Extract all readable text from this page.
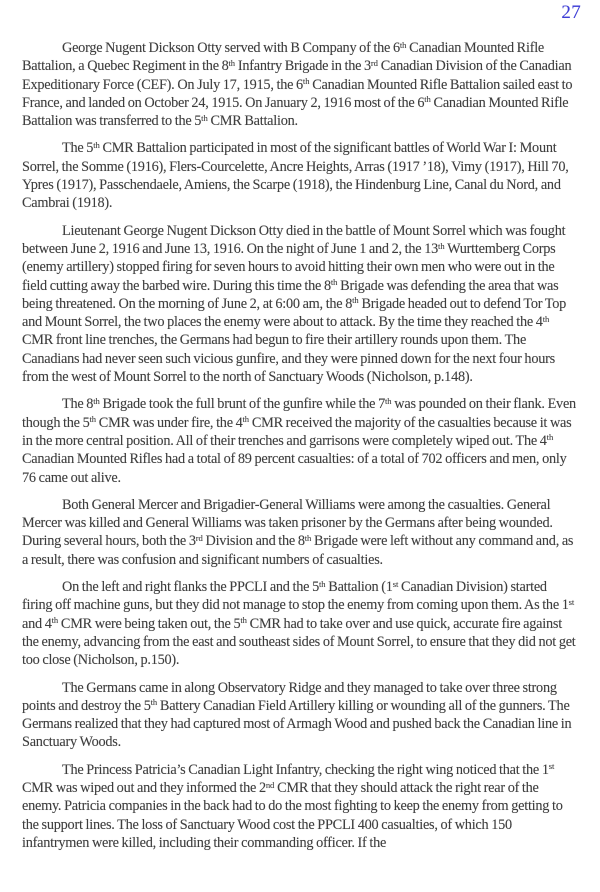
27

George Nugent Dickson Otty served with B Company of the 6th Canadian Mounted Rifle Battalion, a Quebec Regiment in the 8th Infantry Brigade in the 3rd Canadian Division of the Canadian Expeditionary Force (CEF). On July 17, 1915, the 6th Canadian Mounted Rifle Battalion sailed east to France, and landed on October 24, 1915. On January 2, 1916 most of the 6th Canadian Mounted Rifle Battalion was transferred to the 5th CMR Battalion.

The 5th CMR Battalion participated in most of the significant battles of World War I: Mount Sorrel, the Somme (1916), Flers-Courcelette, Ancre Heights, Arras (1917 ’18), Vimy (1917), Hill 70, Ypres (1917), Passchendaele, Amiens, the Scarpe (1918), the Hindenburg Line, Canal du Nord, and Cambrai (1918).

Lieutenant George Nugent Dickson Otty died in the battle of Mount Sorrel which was fought between June 2, 1916 and June 13, 1916. On the night of June 1 and 2, the 13th Wurttemberg Corps (enemy artillery) stopped firing for seven hours to avoid hitting their own men who were out in the field cutting away the barbed wire. During this time the 8th Brigade was defending the area that was being threatened. On the morning of June 2, at 6:00 am, the 8th Brigade headed out to defend Tor Top and Mount Sorrel, the two places the enemy were about to attack. By the time they reached the 4th CMR front line trenches, the Germans had begun to fire their artillery rounds upon them. The Canadians had never seen such vicious gunfire, and they were pinned down for the next four hours from the west of Mount Sorrel to the north of Sanctuary Woods (Nicholson, p.148).

The 8th Brigade took the full brunt of the gunfire while the 7th was pounded on their flank. Even though the 5th CMR was under fire, the 4th CMR received the majority of the casualties because it was in the more central position. All of their trenches and garrisons were completely wiped out. The 4th Canadian Mounted Rifles had a total of 89 percent casualties: of a total of 702 officers and men, only 76 came out alive.

Both General Mercer and Brigadier-General Williams were among the casualties. General Mercer was killed and General Williams was taken prisoner by the Germans after being wounded. During several hours, both the 3rd Division and the 8th Brigade were left without any command and, as a result, there was confusion and significant numbers of casualties.

On the left and right flanks the PPCLI and the 5th Battalion (1st Canadian Division) started firing off machine guns, but they did not manage to stop the enemy from coming upon them. As the 1st and 4th CMR were being taken out, the 5th CMR had to take over and use quick, accurate fire against the enemy, advancing from the east and southeast sides of Mount Sorrel, to ensure that they did not get too close (Nicholson, p.150).

The Germans came in along Observatory Ridge and they managed to take over three strong points and destroy the 5th Battery Canadian Field Artillery killing or wounding all of the gunners. The Germans realized that they had captured most of Armagh Wood and pushed back the Canadian line in Sanctuary Woods.

The Princess Patricia’s Canadian Light Infantry, checking the right wing noticed that the 1st CMR was wiped out and they informed the 2nd CMR that they should attack the right rear of the enemy. Patricia companies in the back had to do the most fighting to keep the enemy from getting to the support lines. The loss of Sanctuary Wood cost the PPCLI 400 casualties, of which 150 infantrymen were killed, including their commanding officer. If the
